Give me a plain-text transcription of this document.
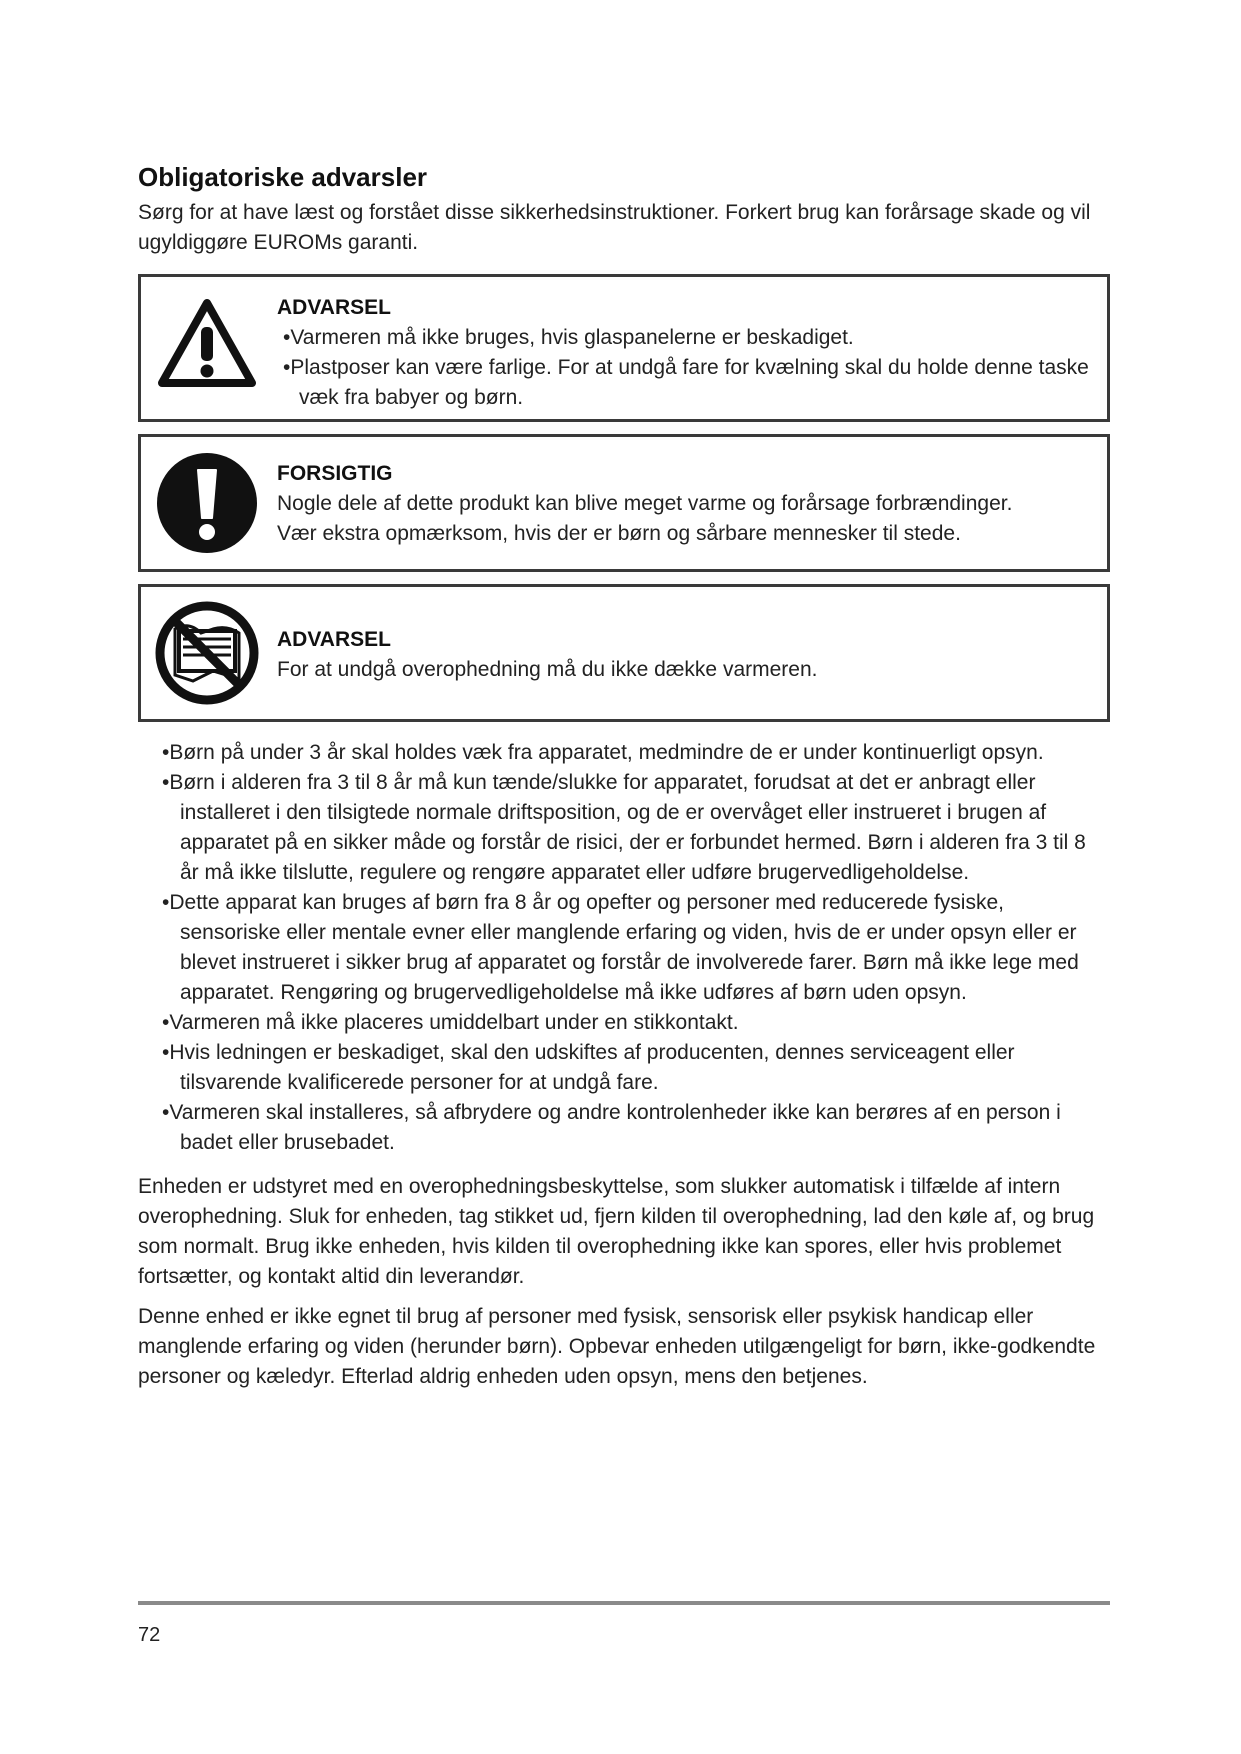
Obligatoriske advarsler
Sørg for at have læst og forstået disse sikkerhedsinstruktioner. Forkert brug kan forårsage skade og vil ugyldiggøre EUROMs garanti.
ADVARSEL
•Varmeren må ikke bruges, hvis glaspanelerne er beskadiget.
•Plastposer kan være farlige. For at undgå fare for kvælning skal du holde denne taske væk fra babyer og børn.
FORSIGTIG
Nogle dele af dette produkt kan blive meget varme og forårsage forbrændinger.
Vær ekstra opmærksom, hvis der er børn og sårbare mennesker til stede.
ADVARSEL
For at undgå overophedning må du ikke dække varmeren.
•Børn på under 3 år skal holdes væk fra apparatet, medmindre de er under kontinuerligt opsyn.
•Børn i alderen fra 3 til 8 år må kun tænde/slukke for apparatet, forudsat at det er anbragt eller installeret i den tilsigtede normale driftsposition, og de er overvåget eller instrueret i brugen af apparatet på en sikker måde og forstår de risici, der er forbundet hermed. Børn i alderen fra 3 til 8 år må ikke tilslutte, regulere og rengøre apparatet eller udføre brugervedligeholdelse.
•Dette apparat kan bruges af børn fra 8 år og opefter og personer med reducerede fysiske, sensoriske eller mentale evner eller manglende erfaring og viden, hvis de er under opsyn eller er blevet instrueret i sikker brug af apparatet og forstår de involverede farer. Børn må ikke lege med apparatet. Rengøring og brugervedligeholdelse må ikke udføres af børn uden opsyn.
•Varmeren må ikke placeres umiddelbart under en stikkontakt.
•Hvis ledningen er beskadiget, skal den udskiftes af producenten, dennes serviceagent eller tilsvarende kvalificerede personer for at undgå fare.
•Varmeren skal installeres, så afbrydere og andre kontrolenheder ikke kan berøres af en person i badet eller brusebadet.

Enheden er udstyret med en overophedningsbeskyttelse, som slukker automatisk i tilfælde af intern overophedning. Sluk for enheden, tag stikket ud, fjern kilden til overophedning, lad den køle af, og brug som normalt. Brug ikke enheden, hvis kilden til overophedning ikke kan spores, eller hvis problemet fortsætter, og kontakt altid din leverandør.

Denne enhed er ikke egnet til brug af personer med fysisk, sensorisk eller psykisk handicap eller manglende erfaring og viden (herunder børn). Opbevar enheden utilgængeligt for børn, ikke-godkendte personer og kæledyr. Efterlad aldrig enheden uden opsyn, mens den betjenes.

72
